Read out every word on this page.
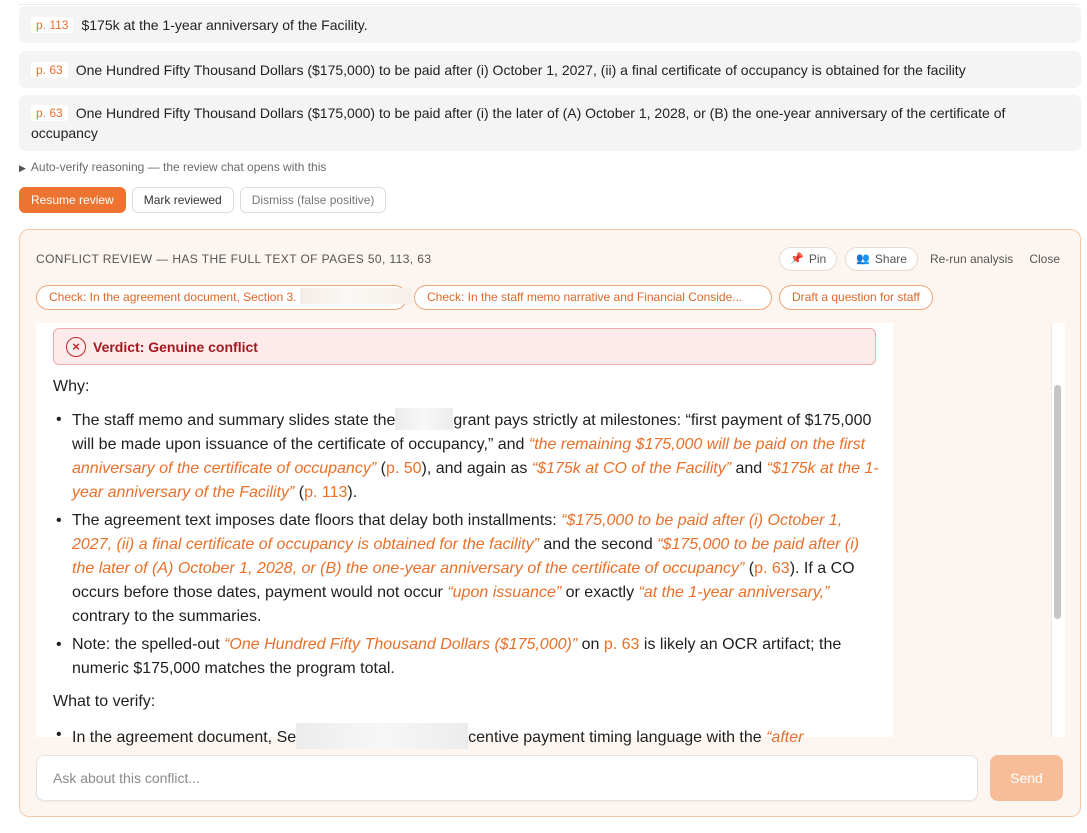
p. 113 $175k at the 1-year anniversary of the Facility.
p. 63 One Hundred Fifty Thousand Dollars ($175,000) to be paid after (i) October 1, 2027, (ii) a final certificate of occupancy is obtained for the facility
p. 63 One Hundred Fifty Thousand Dollars ($175,000) to be paid after (i) the later of (A) October 1, 2028, or (B) the one-year anniversary of the certificate of occupancy
▶ Auto-verify reasoning — the review chat opens with this
Resume review	Mark reviewed	Dismiss (false positive)
CONFLICT REVIEW — HAS THE FULL TEXT OF PAGES 50, 113, 63	📌 Pin	👥 Share	Re-run analysis	Close
Check: In the agreement document, Section 3.	Check: In the staff memo narrative and Financial Conside...	Draft a question for staff
× Verdict: Genuine conflict
Why:
• The staff memo and summary slides state the	grant pays strictly at milestones: “first payment of $175,000 will be made upon issuance of the certificate of occupancy,” and “the remaining $175,000 will be paid on the first anniversary of the certificate of occupancy” (p. 50), and again as “$175k at CO of the Facility” and “$175k at the 1-year anniversary of the Facility” (p. 113).
• The agreement text imposes date floors that delay both installments: “$175,000 to be paid after (i) October 1, 2027, (ii) a final certificate of occupancy is obtained for the facility” and the second “$175,000 to be paid after (i) the later of (A) October 1, 2028, or (B) the one-year anniversary of the certificate of occupancy” (p. 63). If a CO occurs before those dates, payment would not occur “upon issuance” or exactly “at the 1-year anniversary,” contrary to the summaries.
• Note: the spelled-out “One Hundred Fifty Thousand Dollars ($175,000)” on p. 63 is likely an OCR artifact; the numeric $175,000 matches the program total.
What to verify:
• In the agreement document, Se	centive payment timing language with the “after
Ask about this conflict...
Send
